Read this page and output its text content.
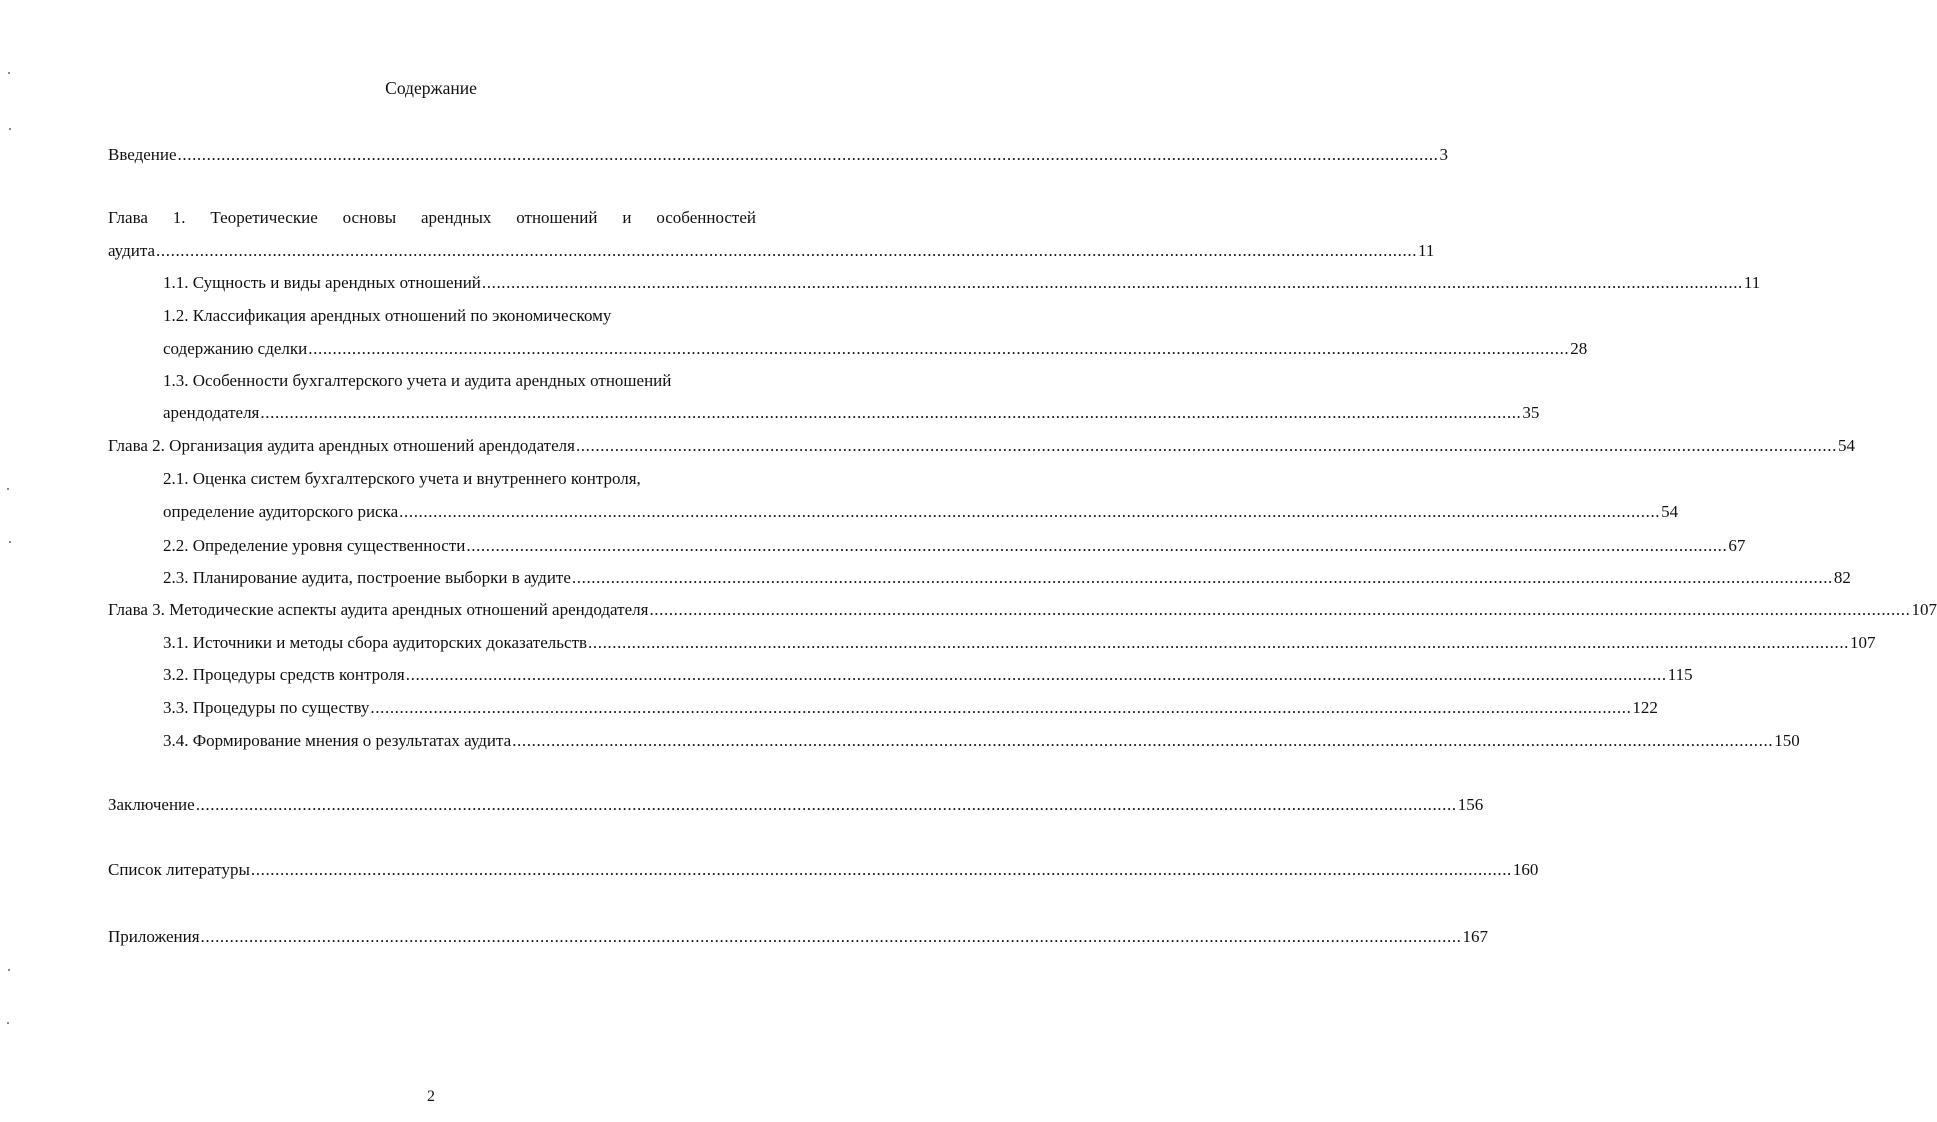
Содержание
Введение .................................................................................................................................................................................................................................................................... 3
Глава 1. Теоретические основы арендных отношений и особенностей
аудита .................................................................................................................................................................................................................................................................... 11
1.1. Сущность и виды арендных отношений .................................................................................................................................................................................................................................................................... 11
1.2. Классификация арендных отношений по экономическому
содержанию сделки .................................................................................................................................................................................................................................................................... 28
1.3. Особенности бухгалтерского учета и аудита арендных отношений
арендодателя .................................................................................................................................................................................................................................................................... 35
Глава 2. Организация аудита арендных отношений арендодателя .................................................................................................................................................................................................................................................................... 54
2.1. Оценка систем бухгалтерского учета и внутреннего контроля,
определение аудиторского риска .................................................................................................................................................................................................................................................................... 54
2.2. Определение уровня существенности .................................................................................................................................................................................................................................................................... 67
2.3. Планирование аудита, построение выборки в аудите .................................................................................................................................................................................................................................................................... 82
Глава 3. Методические аспекты аудита арендных отношений арендодателя .................................................................................................................................................................................................................................................................... 107
3.1. Источники и методы сбора аудиторских доказательств .................................................................................................................................................................................................................................................................... 107
3.2. Процедуры средств контроля .................................................................................................................................................................................................................................................................... 115
3.3. Процедуры по существу .................................................................................................................................................................................................................................................................... 122
3.4. Формирование мнения о результатах аудита .................................................................................................................................................................................................................................................................... 150
Заключение .................................................................................................................................................................................................................................................................... 156
Список литературы .................................................................................................................................................................................................................................................................... 160
Приложения .................................................................................................................................................................................................................................................................... 167
2
